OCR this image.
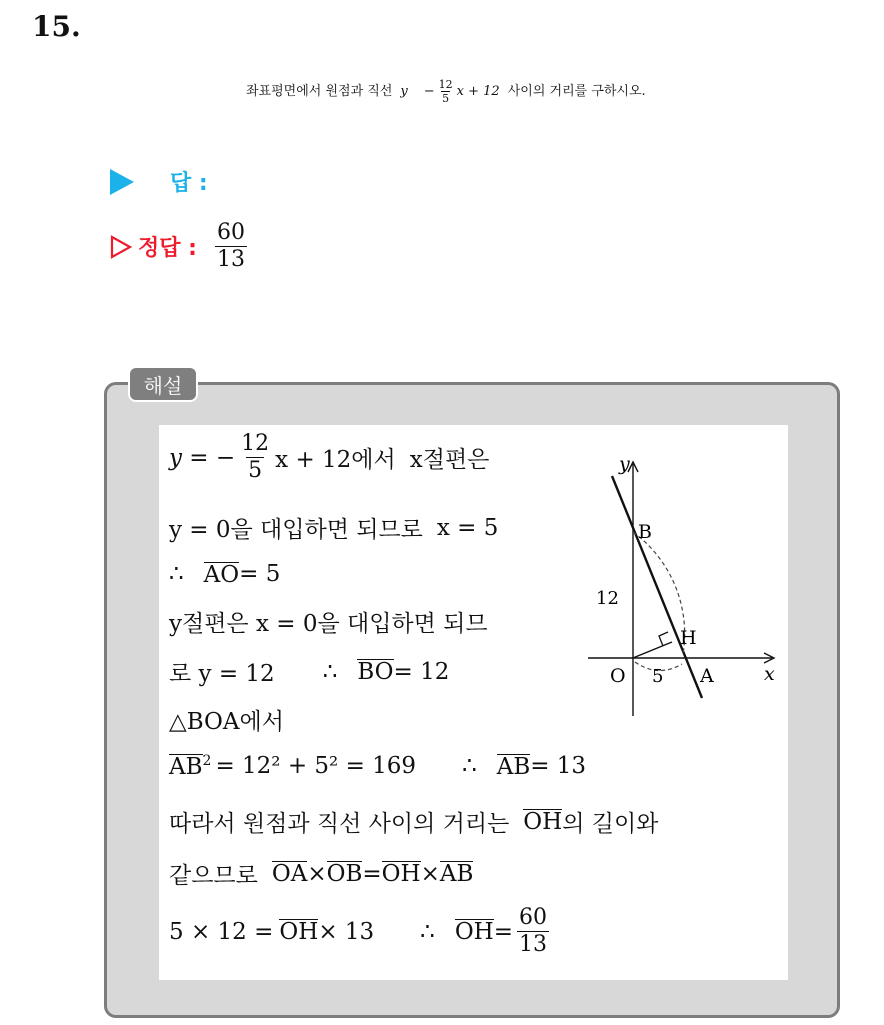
15.
좌표평면에서 원점과 직선 $y - \frac{12}{5}$ x + 12 사이의 거리를 구하시오.
답 :
정답 : $\frac{60}{13}$
해설
y = − $\frac{12}{5}$ x + 12에서 x절편은
y = 0을 대입하면 되므로 x = 5
∴ AO = 5
y절편은 x = 0을 대입하면 되므
로 y = 12 ∴ BO = 12
△BOA에서
$AB^2 = 12^2 + 5^2 = 169$ ∴ AB = 13
따라서 원점과 직선 사이의 거리는 OH 의 길이와
같으므로 OA × OB = OH × AB
5 × 12 = OH × 13 ∴ OH = $\frac{60}{13}$
y
x
B
H
O	A
12
5
